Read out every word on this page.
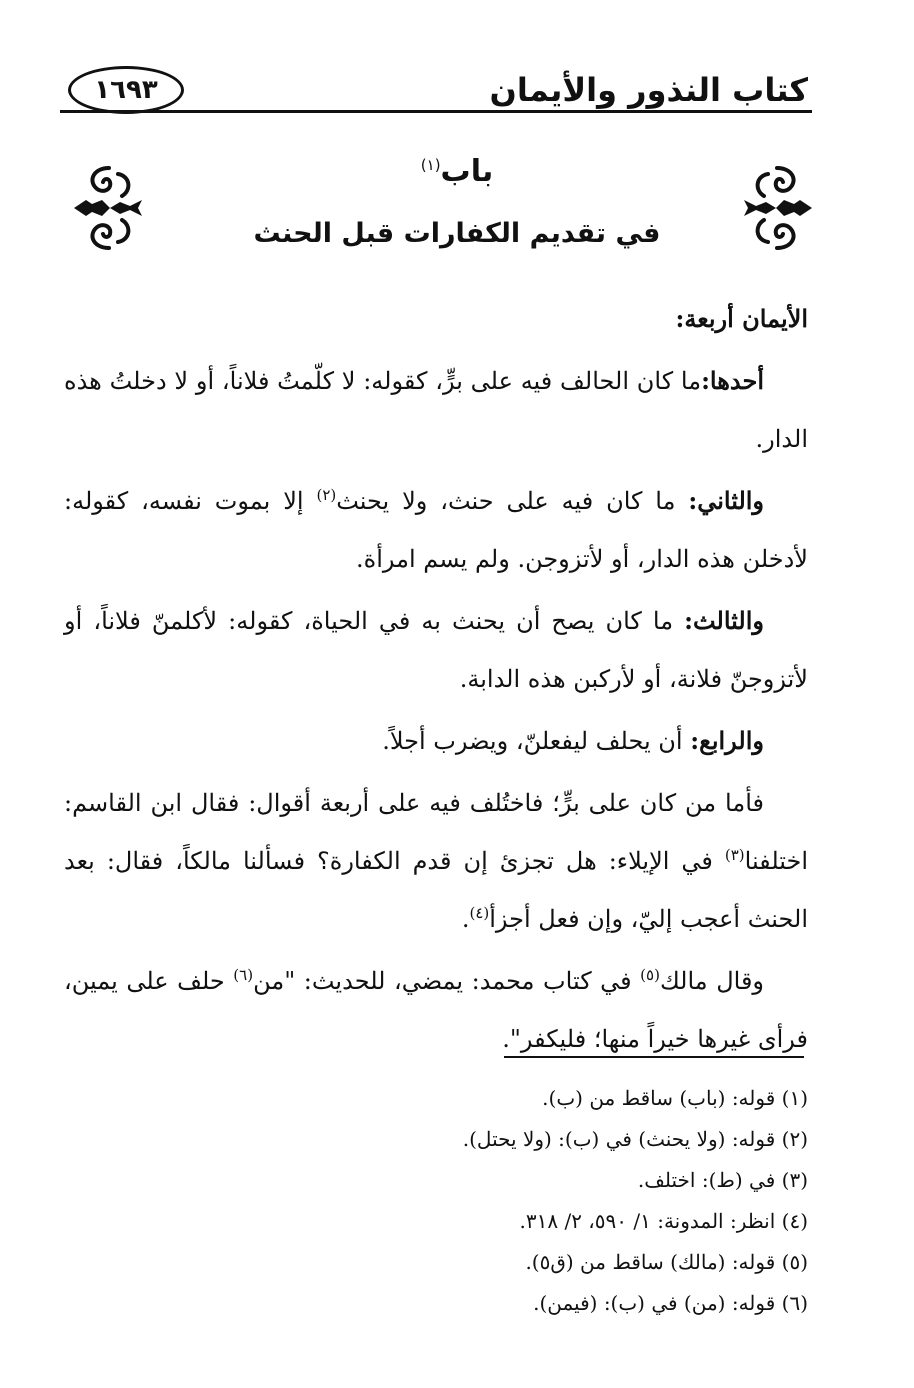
١٦٩٣	كتاب النذور والأيمان
باب$^{(١)}$
في تقديم الكفارات قبل الحنث

الأيمان أربعة:

أحدها:ما كان الحالف فيه على برٍّ، كقوله: لا كلّمتُ فلاناً، أو لا دخلتُ هذه الدار.

والثاني: ما كان فيه على حنث، ولا يحنث$^{(٢)}$ إلا بموت نفسه، كقوله: لأدخلن هذه الدار، أو لأتزوجن. ولم يسم امرأة.

والثالث: ما كان يصح أن يحنث به في الحياة، كقوله: لأكلمنّ فلاناً، أو لأتزوجنّ فلانة، أو لأركبن هذه الدابة.

والرابع: أن يحلف ليفعلنّ، ويضرب أجلاً.

فأما من كان على برٍّ؛ فاختُلف فيه على أربعة أقوال: فقال ابن القاسم: اختلفنا$^{(٣)}$ في الإيلاء: هل تجزئ إن قدم الكفارة؟ فسألنا مالكاً، فقال: بعد الحنث أعجب إليّ، وإن فعل أجزأ$^{(٤)}$.

وقال مالك$^{(٥)}$ في كتاب محمد: يمضي، للحديث: "من$^{(٦)}$ حلف على يمين، فرأى غيرها خيراً منها؛ فليكفر".

(١) قوله: (باب) ساقط من (ب).
(٢) قوله: (ولا يحنث) في (ب): (ولا يحتل).
(٣) في (ط): اختلف.
(٤) انظر: المدونة: ١/ ٥٩٠، ٢/ ٣١٨.
(٥) قوله: (مالك) ساقط من (ق٥).
(٦) قوله: (من) في (ب): (فيمن).
